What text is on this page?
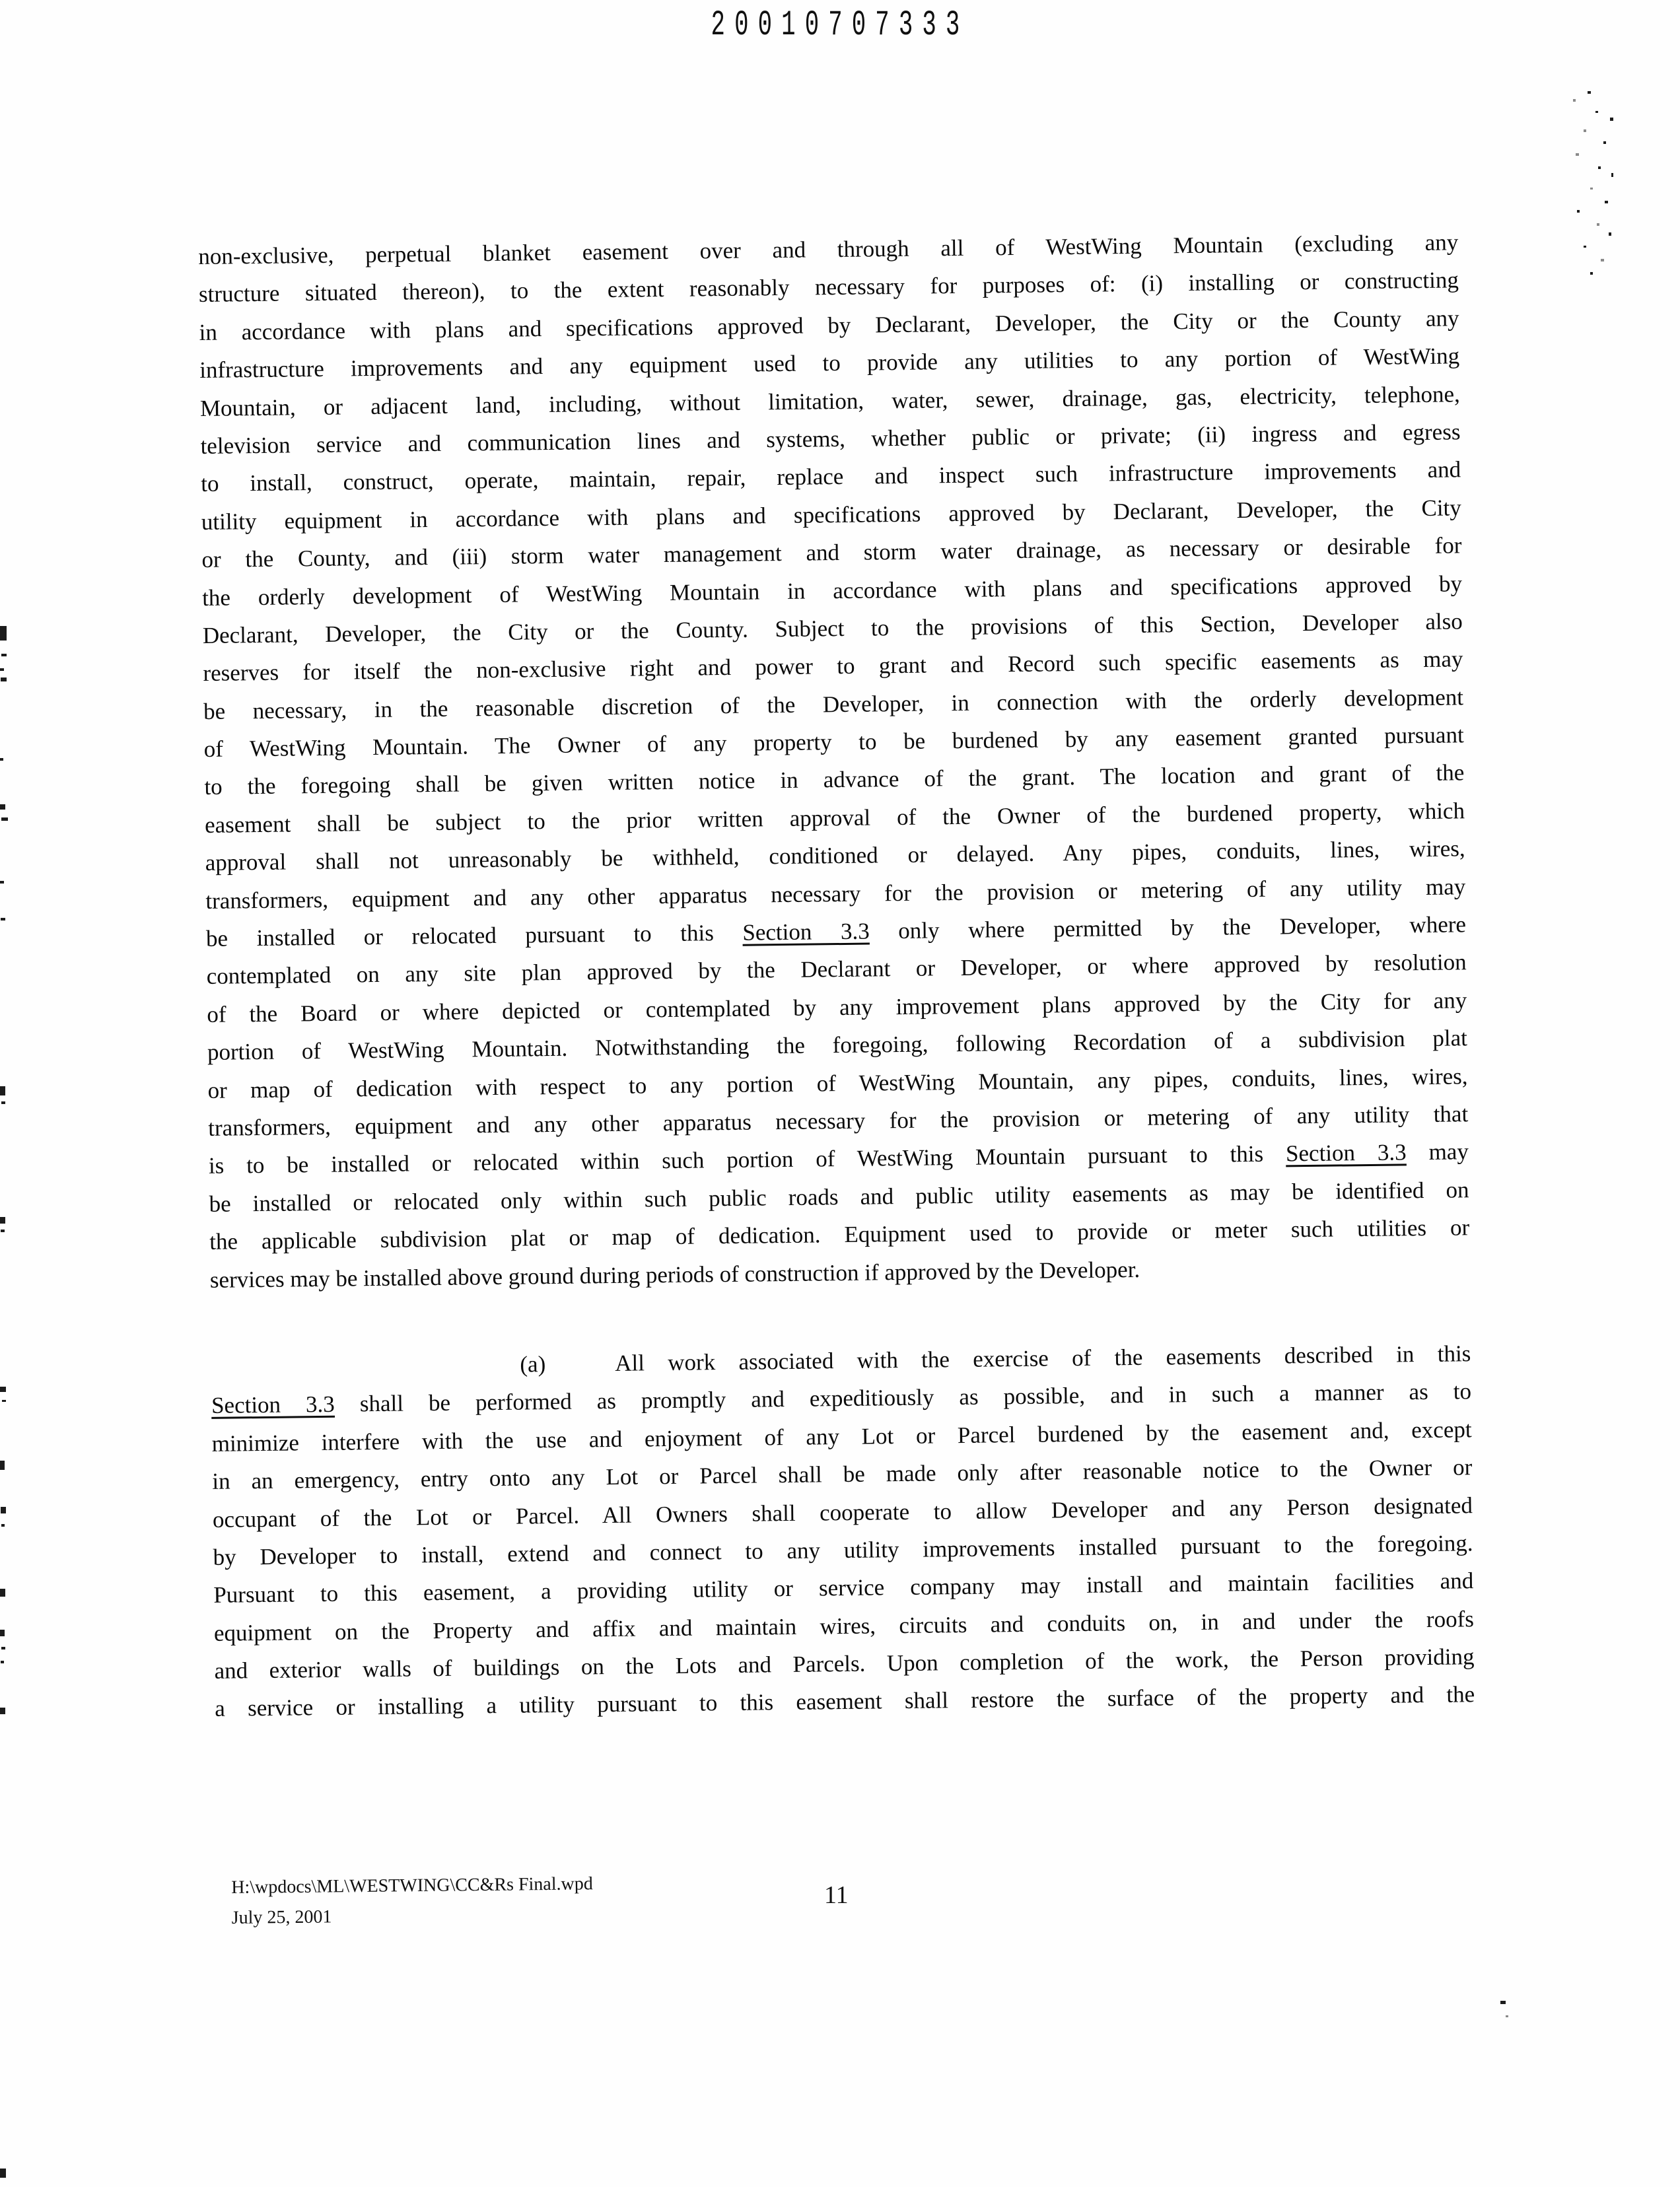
20010707333
non-exclusive, perpetual blanket easement over and through all of WestWing Mountain (excluding any
structure situated thereon), to the extent reasonably necessary for purposes of: (i) installing or constructing
in accordance with plans and specifications approved by Declarant, Developer, the City or the County any
infrastructure improvements and any equipment used to provide any utilities to any portion of WestWing
Mountain, or adjacent land, including, without limitation, water, sewer, drainage, gas, electricity, telephone,
television service and communication lines and systems, whether public or private; (ii) ingress and egress
to install, construct, operate, maintain, repair, replace and inspect such infrastructure improvements and
utility equipment in accordance with plans and specifications approved by Declarant, Developer, the City
or the County, and (iii) storm water management and storm water drainage, as necessary or desirable for
the orderly development of WestWing Mountain in accordance with plans and specifications approved by
Declarant, Developer, the City or the County. Subject to the provisions of this Section, Developer also
reserves for itself the non-exclusive right and power to grant and Record such specific easements as may
be necessary, in the reasonable discretion of the Developer, in connection with the orderly development
of WestWing Mountain. The Owner of any property to be burdened by any easement granted pursuant
to the foregoing shall be given written notice in advance of the grant. The location and grant of the
easement shall be subject to the prior written approval of the Owner of the burdened property, which
approval shall not unreasonably be withheld, conditioned or delayed. Any pipes, conduits, lines, wires,
transformers, equipment and any other apparatus necessary for the provision or metering of any utility may
be installed or relocated pursuant to this Section 3.3 only where permitted by the Developer, where
contemplated on any site plan approved by the Declarant or Developer, or where approved by resolution
of the Board or where depicted or contemplated by any improvement plans approved by the City for any
portion of WestWing Mountain. Notwithstanding the foregoing, following Recordation of a subdivision plat
or map of dedication with respect to any portion of WestWing Mountain, any pipes, conduits, lines, wires,
transformers, equipment and any other apparatus necessary for the provision or metering of any utility that
is to be installed or relocated within such portion of WestWing Mountain pursuant to this Section 3.3 may
be installed or relocated only within such public roads and public utility easements as may be identified on
the applicable subdivision plat or map of dedication. Equipment used to provide or meter such utilities or
services may be installed above ground during periods of construction if approved by the Developer.
(a)	All work associated with the exercise of the easements described in this
Section 3.3 shall be performed as promptly and expeditiously as possible, and in such a manner as to
minimize interfere with the use and enjoyment of any Lot or Parcel burdened by the easement and, except
in an emergency, entry onto any Lot or Parcel shall be made only after reasonable notice to the Owner or
occupant of the Lot or Parcel. All Owners shall cooperate to allow Developer and any Person designated
by Developer to install, extend and connect to any utility improvements installed pursuant to the foregoing.
Pursuant to this easement, a providing utility or service company may install and maintain facilities and
equipment on the Property and affix and maintain wires, circuits and conduits on, in and under the roofs
and exterior walls of buildings on the Lots and Parcels. Upon completion of the work, the Person providing
a service or installing a utility pursuant to this easement shall restore the surface of the property and the
H:\wpdocs\ML\WESTWING\CC&Rs Final.wpd
July 25, 2001
11
